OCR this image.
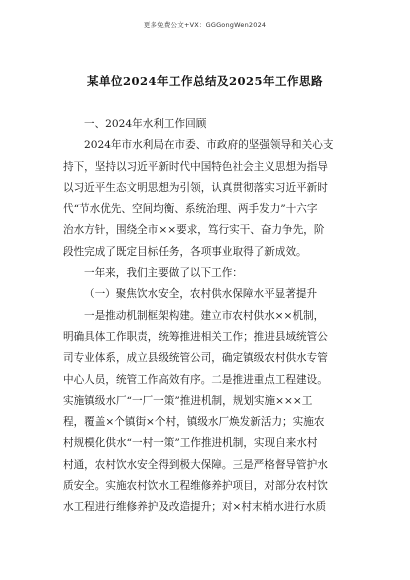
更多免费公文+VX：GGGongWen2024
某单位2024年工作总结及2025年工作思路
一、2024年水利工作回顾
2024年市水利局在市委、市政府的坚强领导和关心支
持下，坚持以习近平新时代中国特色社会主义思想为指导
以习近平生态文明思想为引领，认真贯彻落实习近平新时
代“节水优先、空间均衡、系统治理、两手发力”十六字
治水方针，围绕全市××要求，笃行实干、奋力争先，阶
段性完成了既定目标任务，各项事业取得了新成效。
一年来，我们主要做了以下工作：
（一）聚焦饮水安全，农村供水保障水平显著提升
一是推动机制框架构建。建立市农村供水××机制，
明确具体工作职责，统筹推进相关工作；推进县域统管公
司专业体系，成立县级统管公司，确定镇级农村供水专管
中心人员，统管工作高效有序。二是推进重点工程建设。
实施镇级水厂“一厂一策”推进机制，规划实施×××工
程，覆盖×个镇街×个村，镇级水厂焕发新活力；实施农
村规模化供水“一村一策”工作推进机制，实现自来水村
村通，农村饮水安全得到极大保障。三是严格督导管护水
质安全。实施农村饮水工程维修养护项目，对部分农村饮
水工程进行维修养护及改造提升；对×村末梢水进行水质
